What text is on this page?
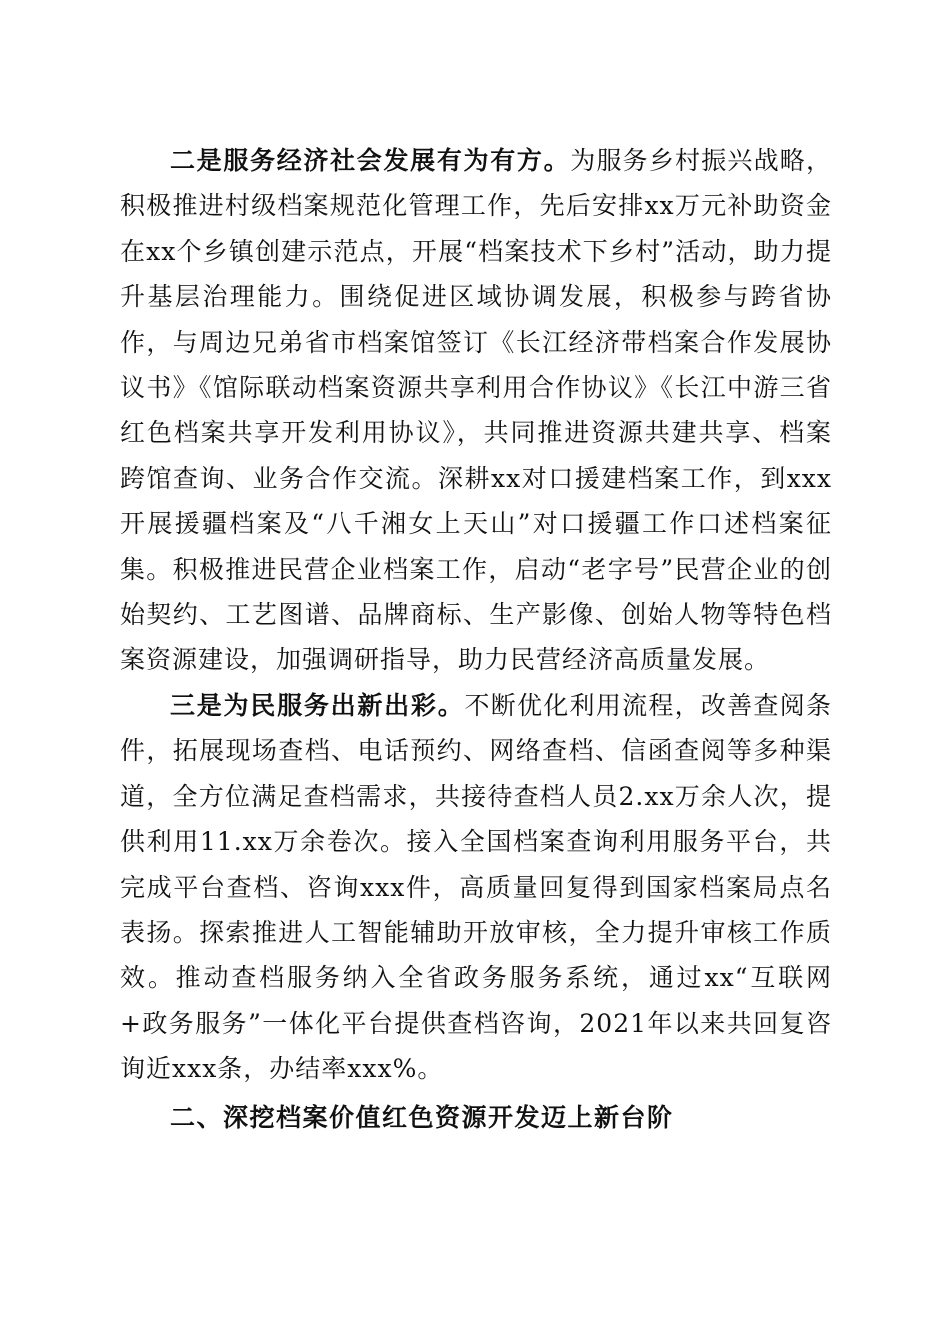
二是服务经济社会发展有为有方。为服务乡村振兴战略，积极推进村级档案规范化管理工作，先后安排xx万元补助资金在xx个乡镇创建示范点，开展“档案技术下乡村”活动，助力提升基层治理能力。围绕促进区域协调发展，积极参与跨省协作，与周边兄弟省市档案馆签订《长江经济带档案合作发展协议书》《馆际联动档案资源共享利用合作协议》《长江中游三省红色档案共享开发利用协议》，共同推进资源共建共享、档案跨馆查询、业务合作交流。深耕xx对口援建档案工作，到xxx开展援疆档案及“八千湘女上天山”对口援疆工作口述档案征集。积极推进民营企业档案工作，启动“老字号”民营企业的创始契约、工艺图谱、品牌商标、生产影像、创始人物等特色档案资源建设，加强调研指导，助力民营经济高质量发展。

三是为民服务出新出彩。不断优化利用流程，改善查阅条件，拓展现场查档、电话预约、网络查档、信函查阅等多种渠道，全方位满足查档需求，共接待查档人员2.xx万余人次，提供利用11.xx万余卷次。接入全国档案查询利用服务平台，共完成平台查档、咨询xxx件，高质量回复得到国家档案局点名表扬。探索推进人工智能辅助开放审核，全力提升审核工作质效。推动查档服务纳入全省政务服务系统，通过xx“互联网+政务服务”一体化平台提供查档咨询，2021年以来共回复咨询近xxx条，办结率xxx%。

二、深挖档案价值红色资源开发迈上新台阶
